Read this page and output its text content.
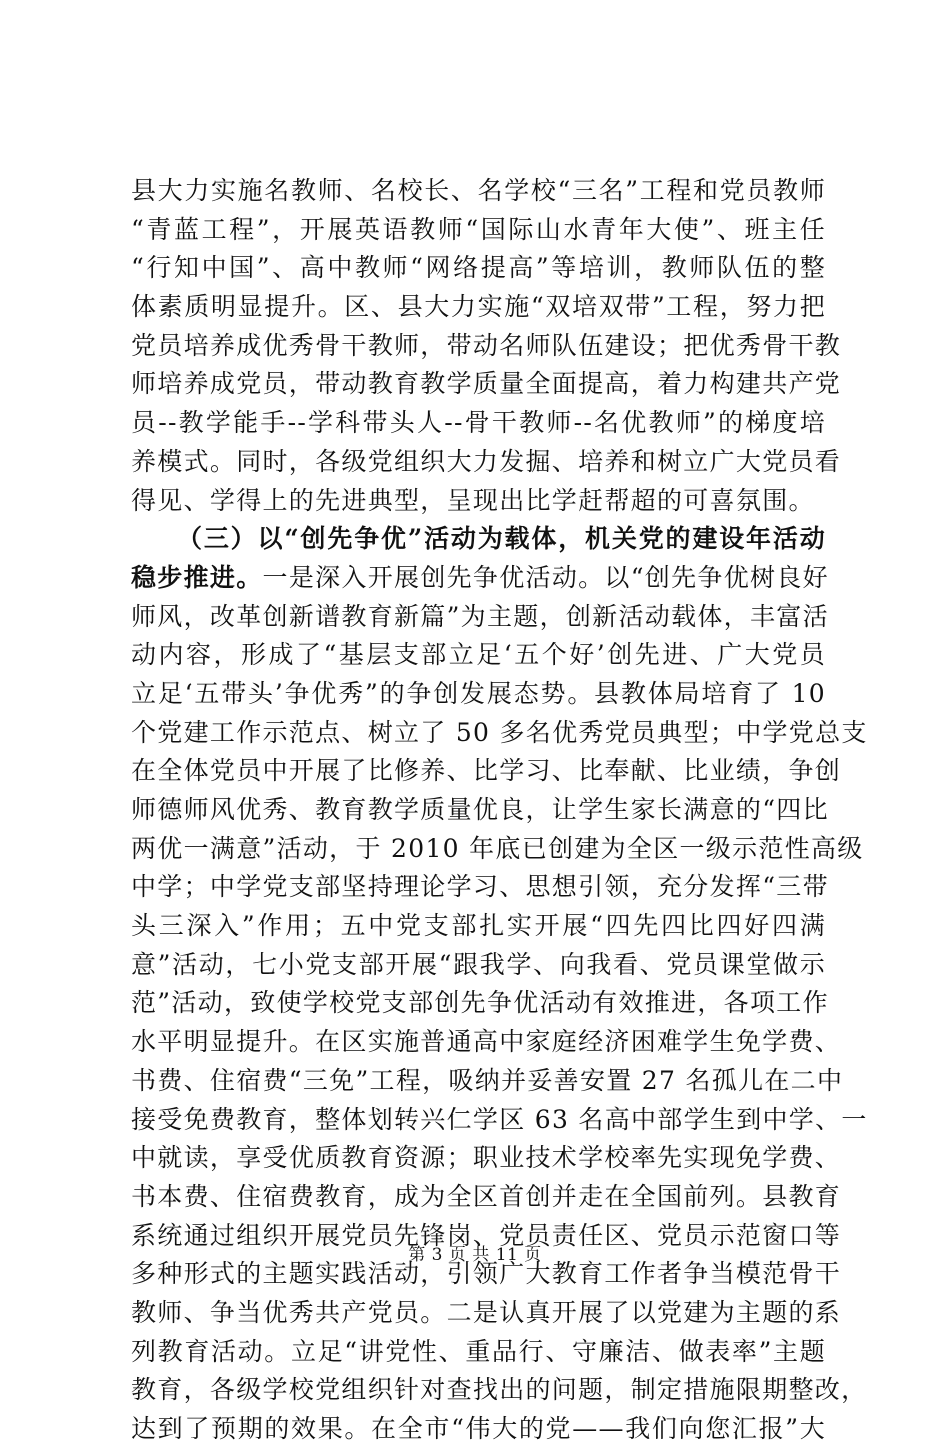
县大力实施名教师、名校长、名学校“三名”工程和党员教师
“青蓝工程”，开展英语教师“国际山水青年大使”、班主任
“行知中国”、高中教师“网络提高”等培训，教师队伍的整
体素质明显提升。区、县大力实施“双培双带”工程，努力把
党员培养成优秀骨干教师，带动名师队伍建设；把优秀骨干教
师培养成党员，带动教育教学质量全面提高，着力构建共产党
员--教学能手--学科带头人--骨干教师--名优教师”的梯度培
养模式。同时，各级党组织大力发掘、培养和树立广大党员看
得见、学得上的先进典型，呈现出比学赶帮超的可喜氛围。
（三）以“创先争优”活动为载体，机关党的建设年活动
稳步推进。一是深入开展创先争优活动。以“创先争优树良好
师风，改革创新谱教育新篇”为主题，创新活动载体，丰富活
动内容，形成了“基层支部立足‘五个好’创先进、广大党员
立足‘五带头’争优秀”的争创发展态势。县教体局培育了 10
个党建工作示范点、树立了 50 多名优秀党员典型；中学党总支
在全体党员中开展了比修养、比学习、比奉献、比业绩，争创
师德师风优秀、教育教学质量优良，让学生家长满意的“四比
两优一满意”活动，于 2010 年底已创建为全区一级示范性高级
中学；中学党支部坚持理论学习、思想引领，充分发挥“三带
头三深入”作用；五中党支部扎实开展“四先四比四好四满
意”活动，七小党支部开展“跟我学、向我看、党员课堂做示
范”活动，致使学校党支部创先争优活动有效推进，各项工作
水平明显提升。在区实施普通高中家庭经济困难学生免学费、
书费、住宿费“三免”工程，吸纳并妥善安置 27 名孤儿在二中
接受免费教育，整体划转兴仁学区 63 名高中部学生到中学、一
中就读，享受优质教育资源；职业技术学校率先实现免学费、
书本费、住宿费教育，成为全区首创并走在全国前列。县教育
系统通过组织开展党员先锋岗、党员责任区、党员示范窗口等
多种形式的主题实践活动，引领广大教育工作者争当模范骨干
教师、争当优秀共产党员。二是认真开展了以党建为主题的系
列教育活动。立足“讲党性、重品行、守廉洁、做表率”主题
教育，各级学校党组织针对查找出的问题，制定措施限期整改，
达到了预期的效果。在全市“伟大的党——我们向您汇报”大
第 3 页 共 11 页
